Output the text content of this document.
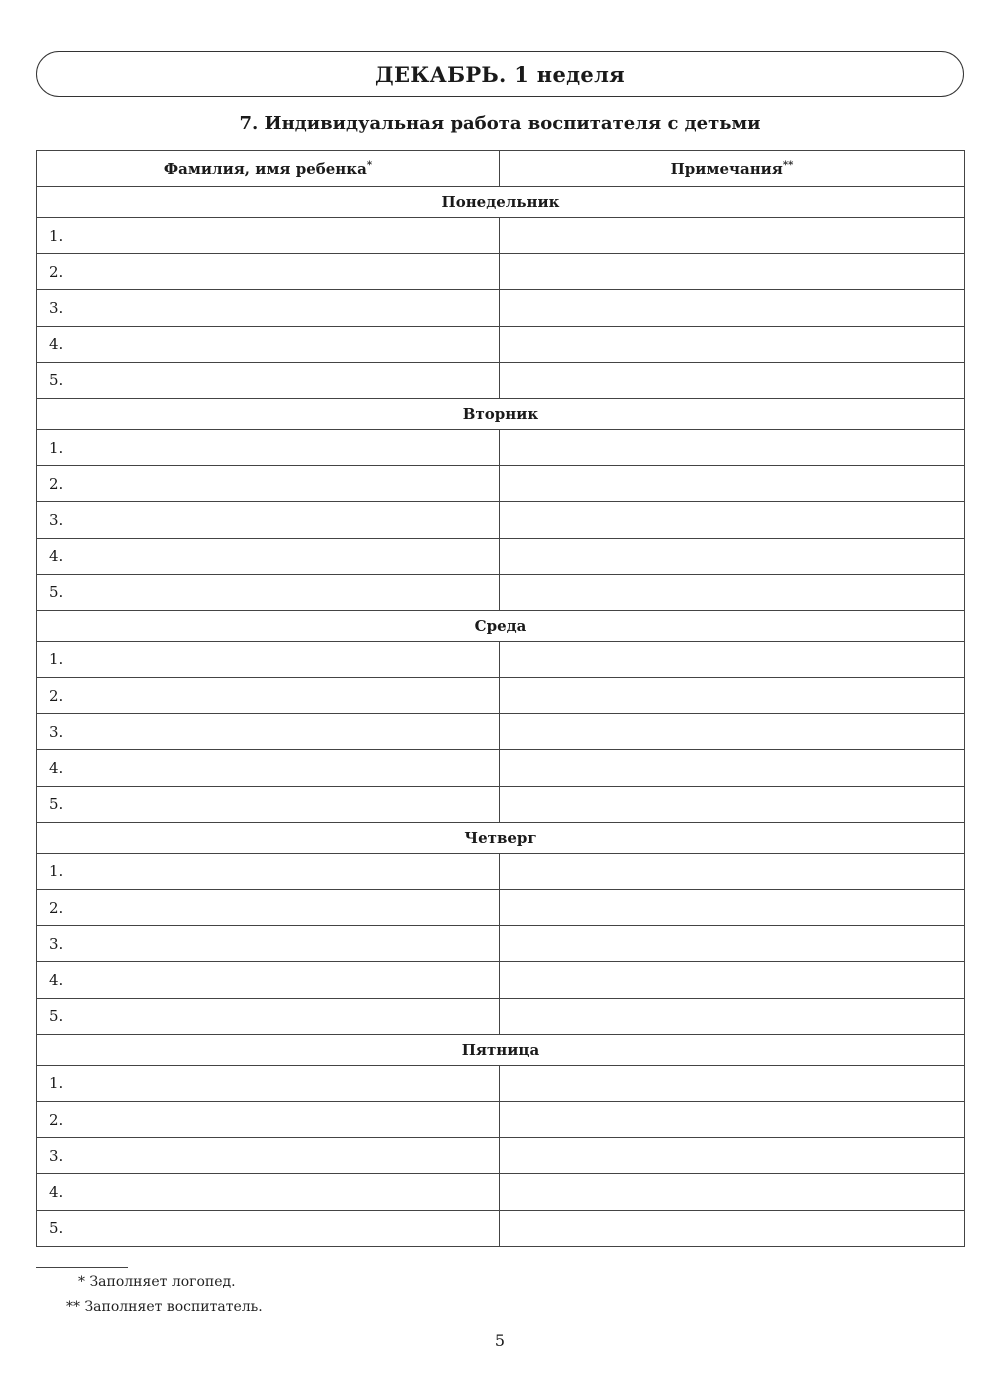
ДЕКАБРЬ. 1 неделя
7. Индивидуальная работа воспитателя с детьми
Фамилия, имя ребенка*	Примечания**
Понедельник	
1.	
2.	
3.	
4.	
5.	
Вторник	
1.	
2.	
3.	
4.	
5.	
Среда	
1.	
2.	
3.	
4.	
5.	
Четверг	
1.	
2.	
3.	
4.	
5.	
Пятница	
1.	
2.	
3.	
4.	
5.	
* Заполняет логопед.
** Заполняет воспитатель.
5
